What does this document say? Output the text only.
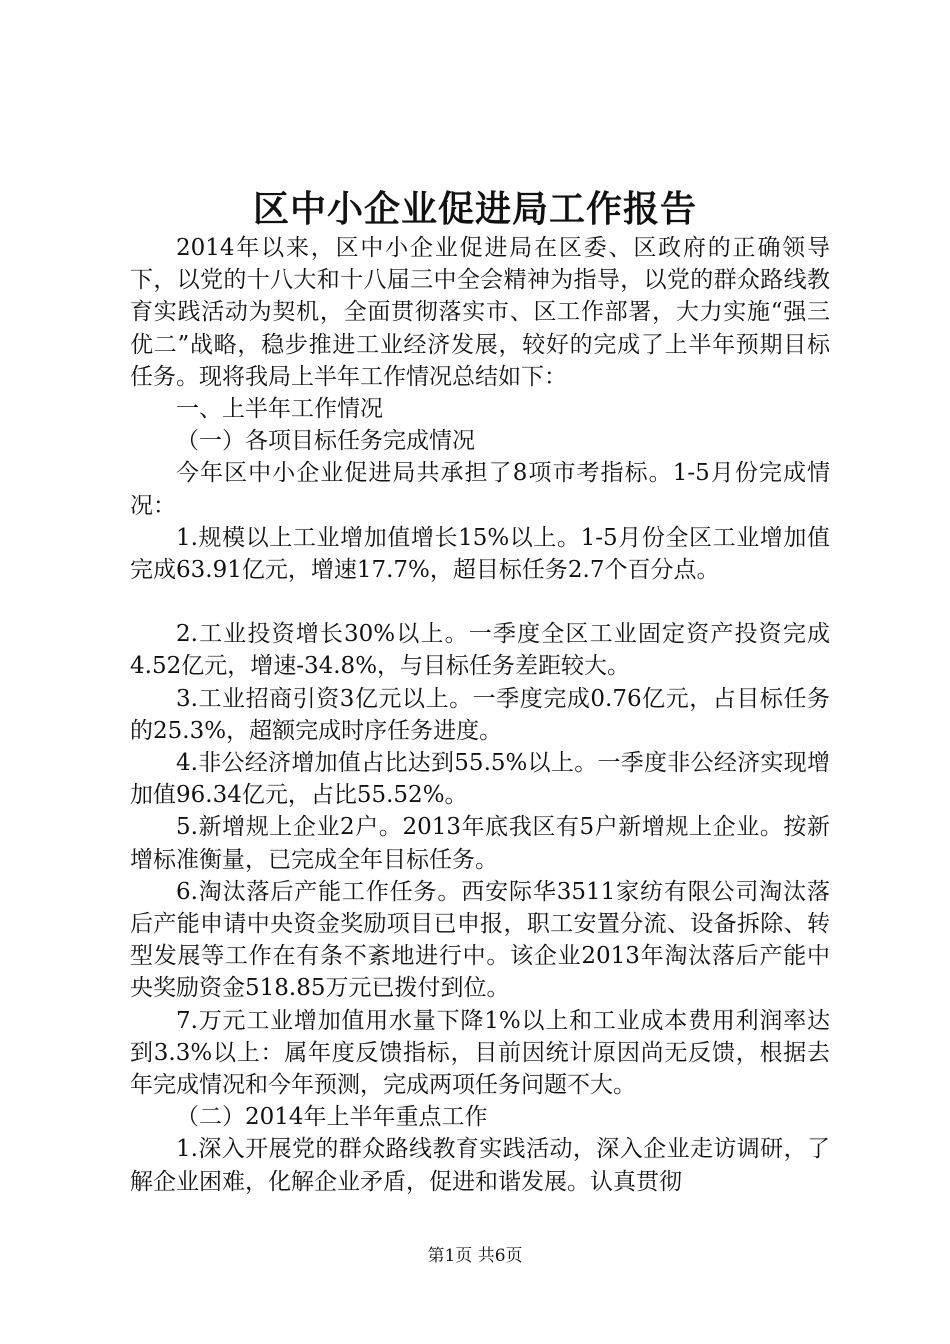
区中小企业促进局工作报告

2014年以来，区中小企业促进局在区委、区政府的正确领导下，以党的十八大和十八届三中全会精神为指导，以党的群众路线教育实践活动为契机，全面贯彻落实市、区工作部署，大力实施“强三优二”战略，稳步推进工业经济发展，较好的完成了上半年预期目标任务。现将我局上半年工作情况总结如下：

一、上半年工作情况

（一）各项目标任务完成情况

今年区中小企业促进局共承担了8项市考指标。1-5月份完成情况：

1.规模以上工业增加值增长15%以上。1-5月份全区工业增加值完成63.91亿元，增速17.7%，超目标任务2.7个百分点。

2.工业投资增长30%以上。一季度全区工业固定资产投资完成4.52亿元，增速-34.8%，与目标任务差距较大。

3.工业招商引资3亿元以上。一季度完成0.76亿元，占目标任务的25.3%，超额完成时序任务进度。

4.非公经济增加值占比达到55.5%以上。一季度非公经济实现增加值96.34亿元，占比55.52%。

5.新增规上企业2户。2013年底我区有5户新增规上企业。按新增标准衡量，已完成全年目标任务。

6.淘汰落后产能工作任务。西安际华3511家纺有限公司淘汰落后产能申请中央资金奖励项目已申报，职工安置分流、设备拆除、转型发展等工作在有条不紊地进行中。该企业2013年淘汰落后产能中央奖励资金518.85万元已拨付到位。

7.万元工业增加值用水量下降1%以上和工业成本费用利润率达到3.3%以上：属年度反馈指标，目前因统计原因尚无反馈，根据去年完成情况和今年预测，完成两项任务问题不大。

（二）2014年上半年重点工作

1.深入开展党的群众路线教育实践活动，深入企业走访调研，了解企业困难，化解企业矛盾，促进和谐发展。认真贯彻

第1页 共6页
